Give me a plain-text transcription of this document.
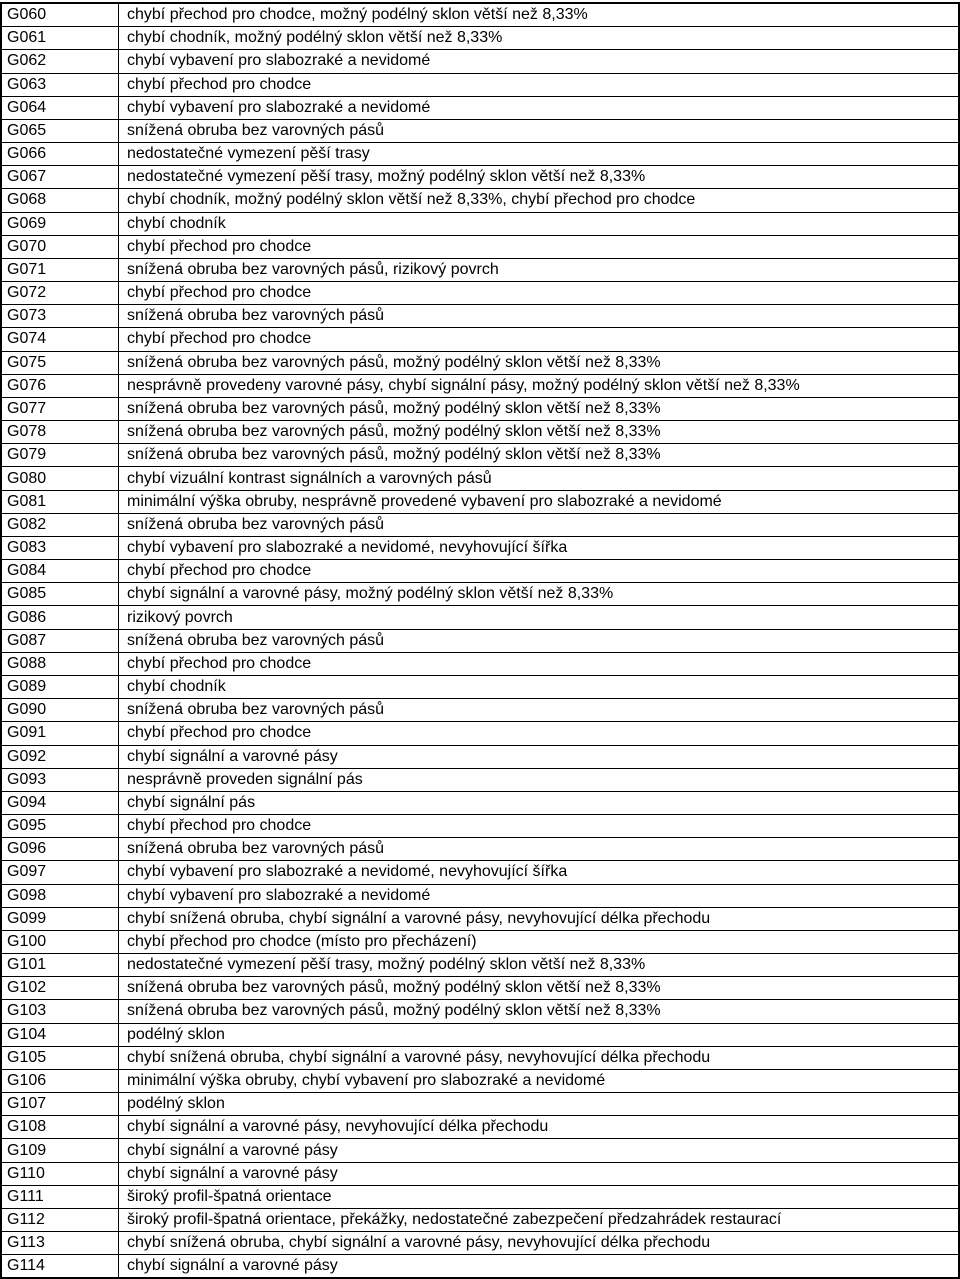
G060	chybí přechod pro chodce, možný podélný sklon větší než 8,33%
G061	chybí chodník, možný podélný sklon větší než 8,33%
G062	chybí vybavení pro slabozraké a nevidomé
G063	chybí přechod pro chodce
G064	chybí vybavení pro slabozraké a nevidomé
G065	snížená obruba bez varovných pásů
G066	nedostatečné vymezení pěší trasy
G067	nedostatečné vymezení pěší trasy, možný podélný sklon větší než 8,33%
G068	chybí chodník, možný podélný sklon větší než 8,33%, chybí přechod pro chodce
G069	chybí chodník
G070	chybí přechod pro chodce
G071	snížená obruba bez varovných pásů, rizikový povrch
G072	chybí přechod pro chodce
G073	snížená obruba bez varovných pásů
G074	chybí přechod pro chodce
G075	snížená obruba bez varovných pásů, možný podélný sklon větší než 8,33%
G076	nesprávně provedeny varovné pásy, chybí signální pásy, možný podélný sklon větší než 8,33%
G077	snížená obruba bez varovných pásů, možný podélný sklon větší než 8,33%
G078	snížená obruba bez varovných pásů, možný podélný sklon větší než 8,33%
G079	snížená obruba bez varovných pásů, možný podélný sklon větší než 8,33%
G080	chybí vizuální kontrast signálních a varovných pásů
G081	minimální výška obruby, nesprávně provedené vybavení pro slabozraké a nevidomé
G082	snížená obruba bez varovných pásů
G083	chybí vybavení pro slabozraké a nevidomé, nevyhovující šířka
G084	chybí přechod pro chodce
G085	chybí signální a varovné pásy, možný podélný sklon větší než 8,33%
G086	rizikový povrch
G087	snížená obruba bez varovných pásů
G088	chybí přechod pro chodce
G089	chybí chodník
G090	snížená obruba bez varovných pásů
G091	chybí přechod pro chodce
G092	chybí signální a varovné pásy
G093	nesprávně proveden signální pás
G094	chybí signální pás
G095	chybí přechod pro chodce
G096	snížená obruba bez varovných pásů
G097	chybí vybavení pro slabozraké a nevidomé, nevyhovující šířka
G098	chybí vybavení pro slabozraké a nevidomé
G099	chybí snížená obruba, chybí signální a varovné pásy, nevyhovující délka přechodu
G100	chybí přechod pro chodce (místo pro přecházení)
G101	nedostatečné vymezení pěší trasy, možný podélný sklon větší než 8,33%
G102	snížená obruba bez varovných pásů, možný podélný sklon větší než 8,33%
G103	snížená obruba bez varovných pásů, možný podélný sklon větší než 8,33%
G104	podélný sklon
G105	chybí snížená obruba, chybí signální a varovné pásy, nevyhovující délka přechodu
G106	minimální výška obruby, chybí vybavení pro slabozraké a nevidomé
G107	podélný sklon
G108	chybí signální a varovné pásy, nevyhovující délka přechodu
G109	chybí signální a varovné pásy
G110	chybí signální a varovné pásy
G111	široký profil-špatná orientace
G112	široký profil-špatná orientace, překážky, nedostatečné zabezpečení předzahrádek restaurací
G113	chybí snížená obruba, chybí signální a varovné pásy, nevyhovující délka přechodu
G114	chybí signální a varovné pásy
